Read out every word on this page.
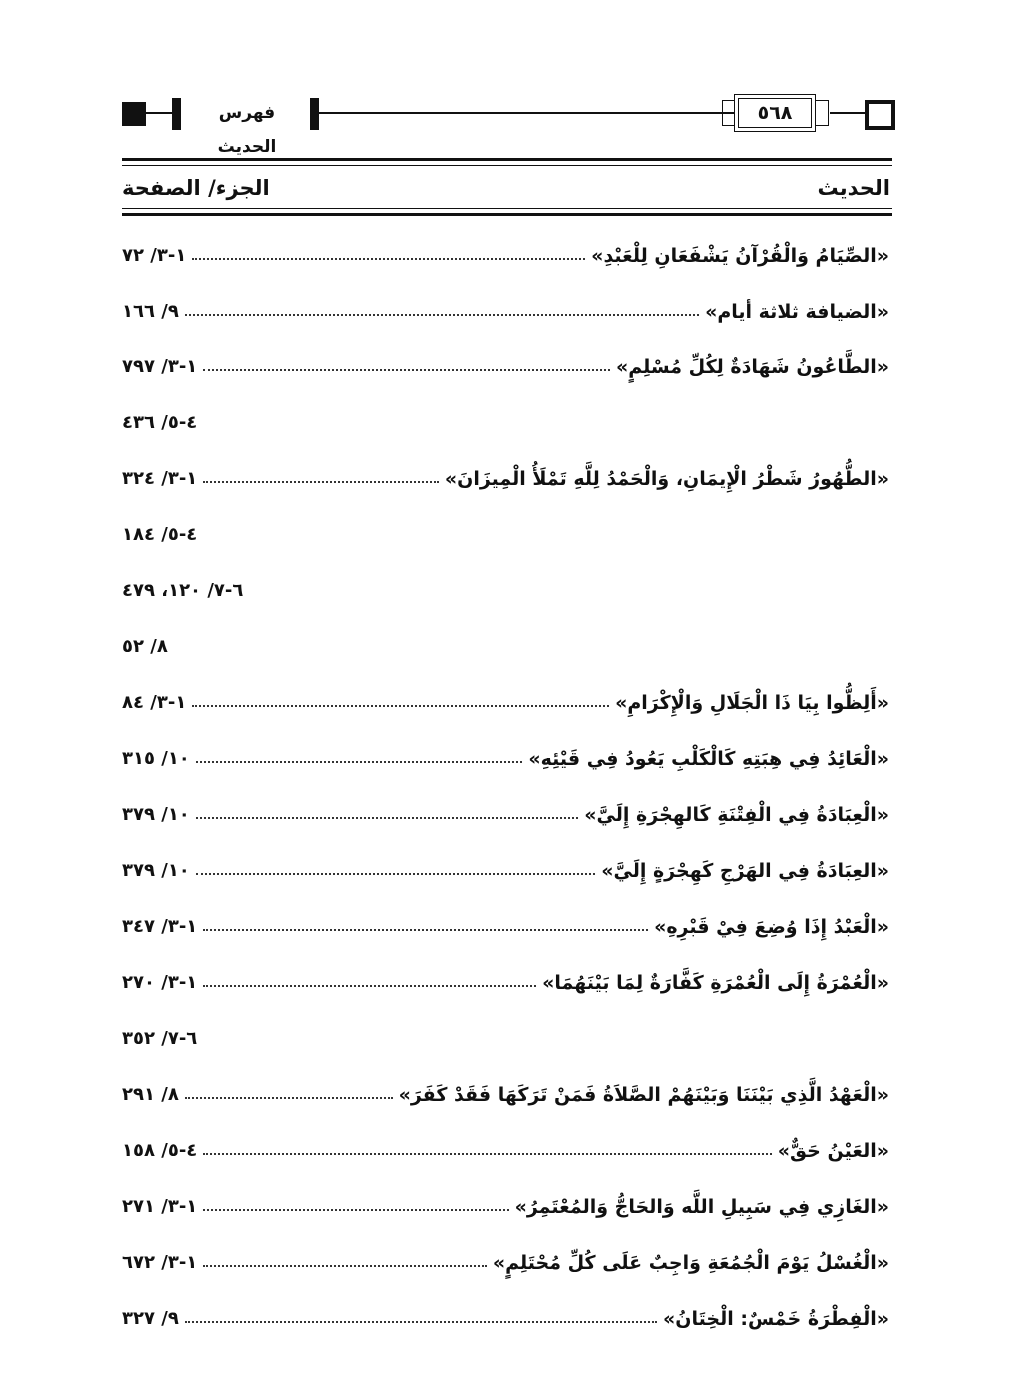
فهرس الحديث
٥٦٨
الحديث
الجزء/ الصفحة
«الصِّيَامُ وَالْقُرْآنُ يَشْفَعَانِ لِلْعَبْدِ»
١-٣/ ٧٢
«الضيافة ثلاثة أيام»
٩/ ١٦٦
«الطَّاعُونُ شَهَادَةٌ لِكُلِّ مُسْلِمٍ»
١-٣/ ٧٩٧
٤-٥/ ٤٣٦
«الطُّهُورُ شَطْرُ الْإِيمَانِ، وَالْحَمْدُ لِلَّهِ تَمْلَأُ الْمِيزَانَ»
١-٣/ ٣٢٤
٤-٥/ ١٨٤
٦-٧/ ١٢٠، ٤٧٩
٨/ ٥٢
«أَلِظُّوا بِيَا ذَا الْجَلَالِ وَالْإِكْرَامِ»
١-٣/ ٨٤
«الْعَائِدُ فِي هِبَتِهِ كَالْكَلْبِ يَعُودُ فِي قَيْئِهِ»
١٠/ ٣١٥
«الْعِبَادَةُ فِي الْفِتْنَةِ كَالهِجْرَةِ إِلَيَّ»
١٠/ ٣٧٩
«العِبَادَةُ فِي الهَرْجِ كَهِجْرَةٍ إِلَيَّ»
١٠/ ٣٧٩
«الْعَبْدُ إِذَا وُضِعَ فِيْ قَبْرِهِ»
١-٣/ ٣٤٧
«الْعُمْرَةُ إِلَى الْعُمْرَةِ كَفَّارَةٌ لِمَا بَيْنَهُمَا»
١-٣/ ٢٧٠
٦-٧/ ٣٥٢
«الْعَهْدُ الَّذِي بَيْنَنَا وَبَيْنَهُمْ الصَّلاَةُ فَمَنْ تَرَكَهَا فَقَدْ كَفَرَ»
٨/ ٢٩١
«العَيْنُ حَقٌّ»
٤-٥/ ١٥٨
«الغَازِي فِي سَبِيلِ اللَّه وَالحَاجُّ وَالمُعْتَمِرُ»
١-٣/ ٢٧١
«الْغُسْلُ يَوْمَ الْجُمُعَةِ وَاجِبٌ عَلَى كُلِّ مُحْتَلِمٍ»
١-٣/ ٦٧٢
«الْفِطْرَةُ خَمْسٌ: الْخِتَانُ»
٩/ ٣٢٧
